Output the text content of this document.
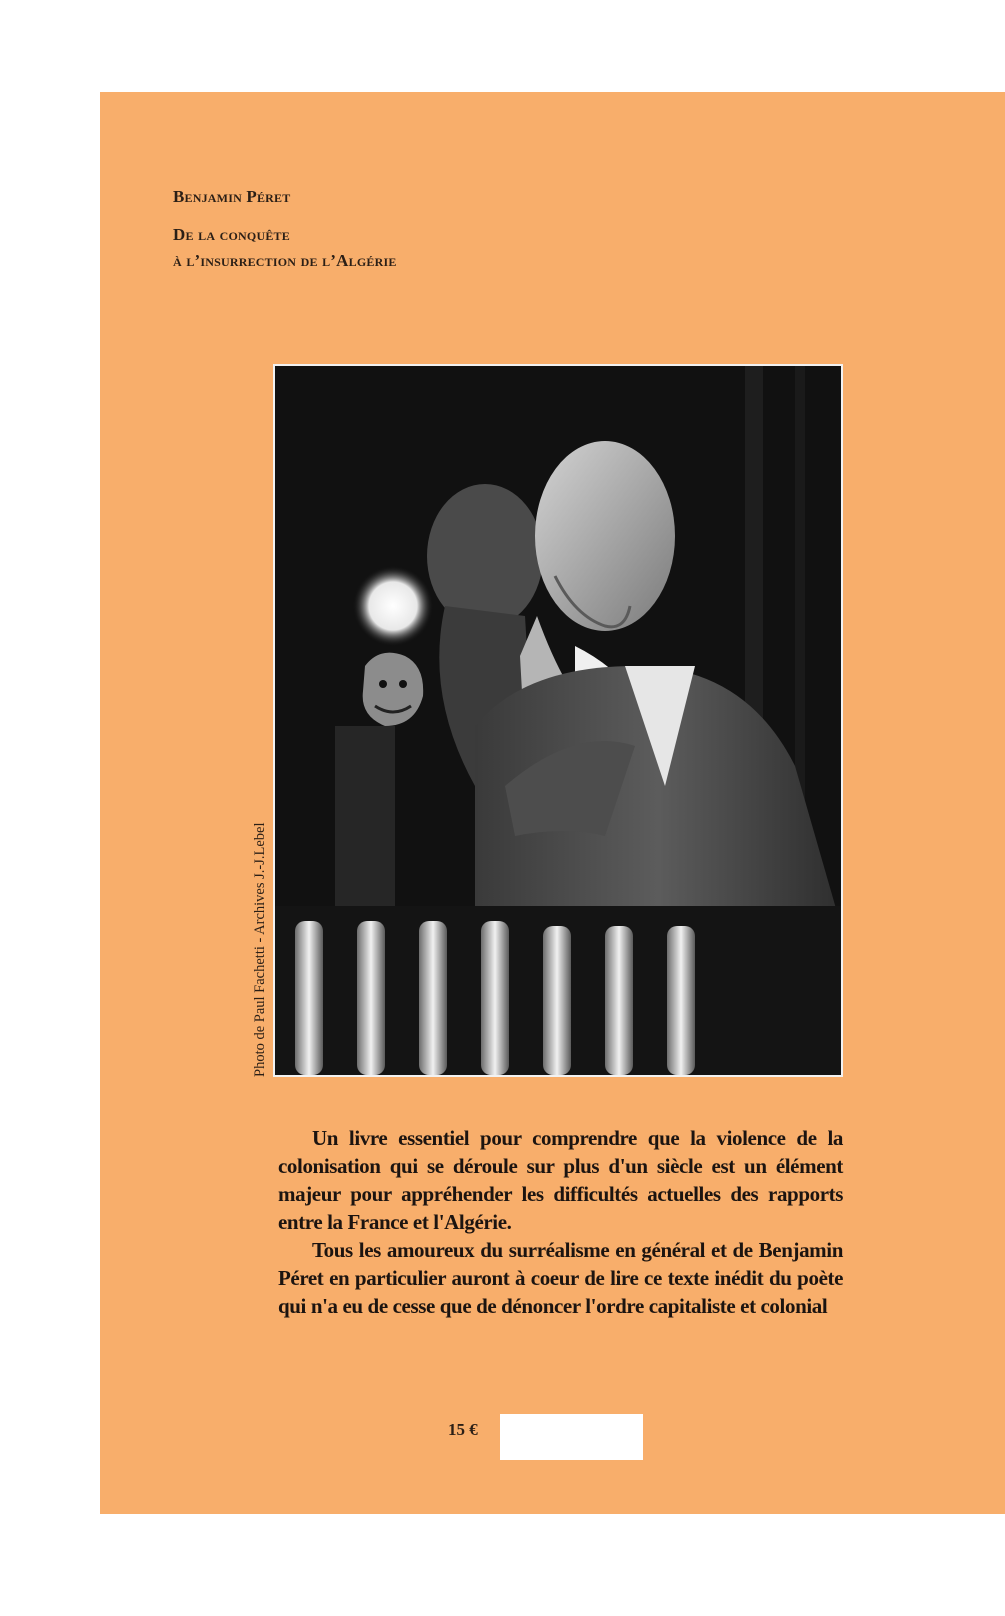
Benjamin Péret
De la conquête
à l’insurrection de l’Algérie
Photo de Paul Fachetti - Archives J.-J.Lebel

Un livre essentiel pour comprendre que la violence de la colonisation qui se déroule sur plus d'un siècle est un élément majeur pour appréhender les difficultés actuelles des rapports entre la France et l'Algérie.

Tous les amoureux du surréalisme en général et de Benjamin Péret en particulier auront à coeur de lire ce texte inédit du poète qui n'a eu de cesse que de dénoncer l'ordre capitaliste et colonial

15 €
